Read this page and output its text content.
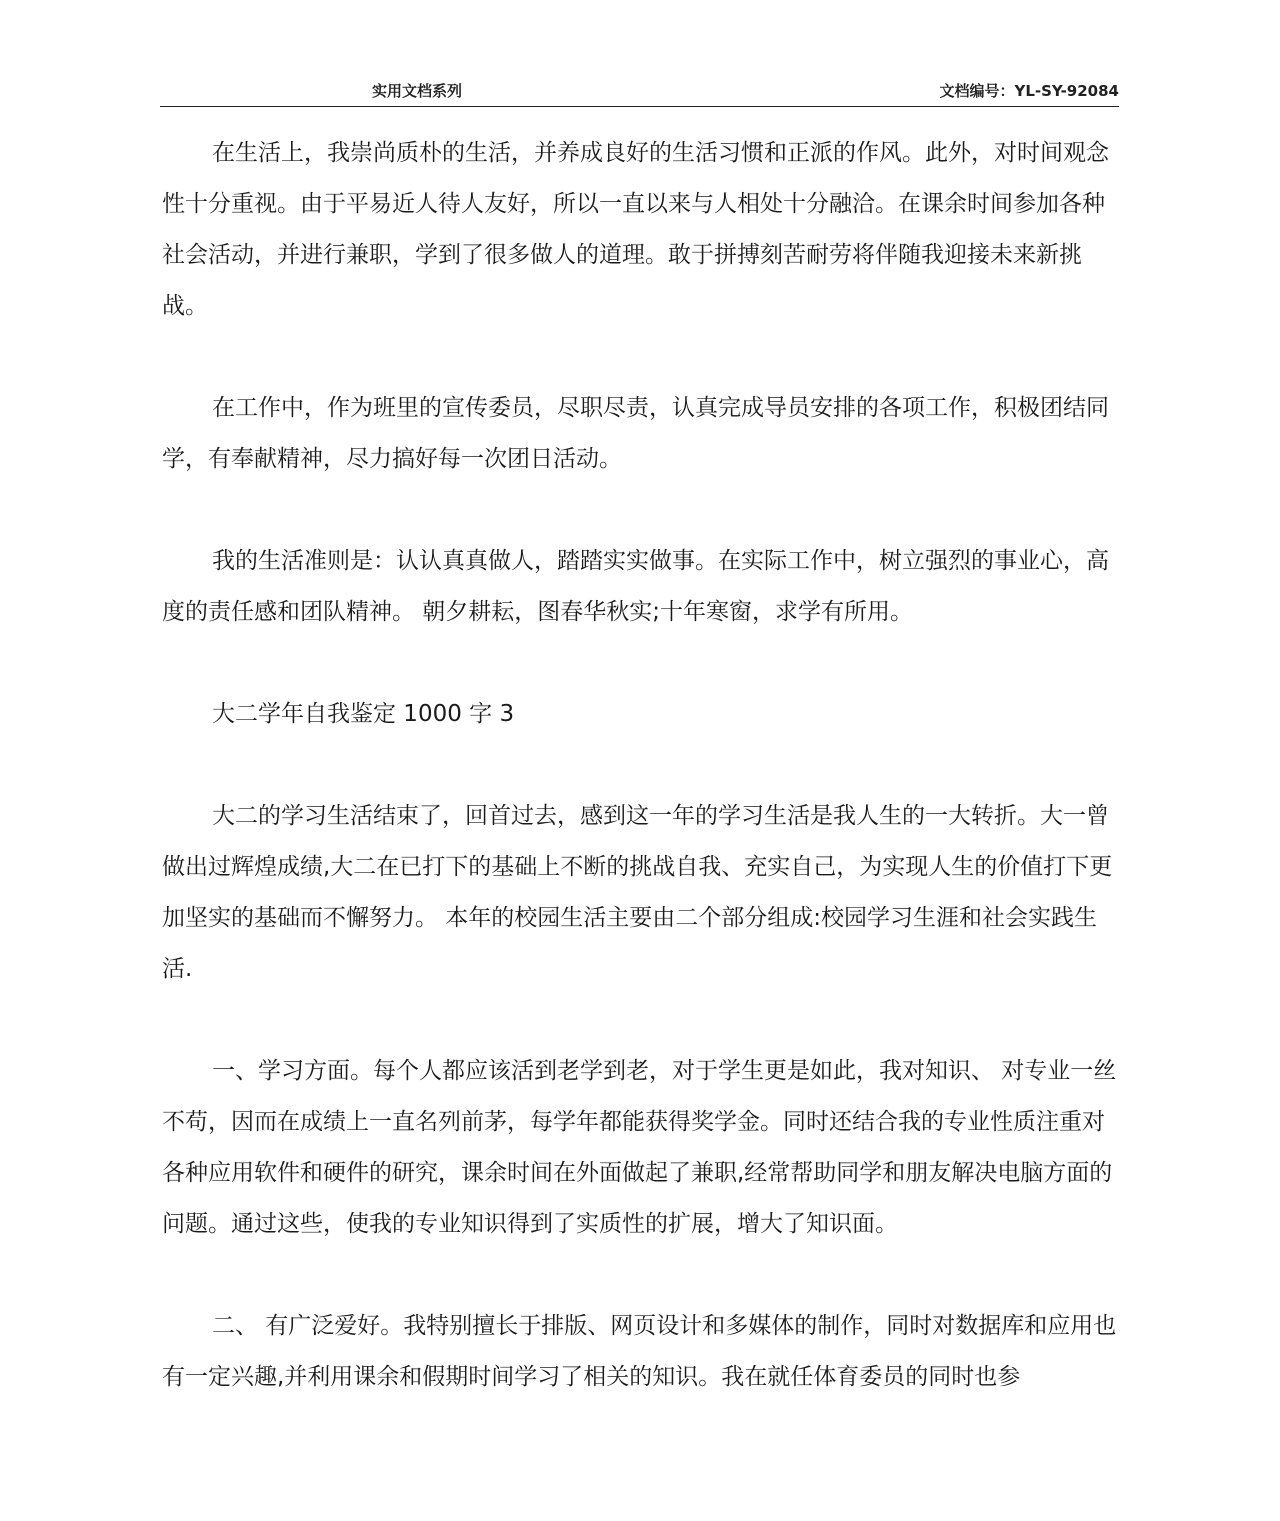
实用文档系列	文档编号：YL-SY-92084

在生活上，我崇尚质朴的生活，并养成良好的生活习惯和正派的作风。此外，对时间观念性十分重视。由于平易近人待人友好，所以一直以来与人相处十分融洽。在课余时间参加各种社会活动，并进行兼职，学到了很多做人的道理。敢于拼搏刻苦耐劳将伴随我迎接未来新挑战。

在工作中，作为班里的宣传委员，尽职尽责，认真完成导员安排的各项工作，积极团结同学，有奉献精神，尽力搞好每一次团日活动。

我的生活准则是：认认真真做人，踏踏实实做事。在实际工作中，树立强烈的事业心，高度的责任感和团队精神。 朝夕耕耘，图春华秋实;十年寒窗，求学有所用。

大二学年自我鉴定 1000 字 3

大二的学习生活结束了，回首过去，感到这一年的学习生活是我人生的一大转折。大一曾做出过辉煌成绩,大二在已打下的基础上不断的挑战自我、充实自己，为实现人生的价值打下更加坚实的基础而不懈努力。 本年的校园生活主要由二个部分组成:校园学习生涯和社会实践生活.

一、学习方面。每个人都应该活到老学到老，对于学生更是如此，我对知识、 对专业一丝不苟，因而在成绩上一直名列前茅，每学年都能获得奖学金。同时还结合我的专业性质注重对各种应用软件和硬件的研究，课余时间在外面做起了兼职,经常帮助同学和朋友解决电脑方面的问题。通过这些，使我的专业知识得到了实质性的扩展，增大了知识面。

二、 有广泛爱好。我特别擅长于排版、网页设计和多媒体的制作，同时对数据库和应用也有一定兴趣,并利用课余和假期时间学习了相关的知识。我在就任体育委员的同时也参
